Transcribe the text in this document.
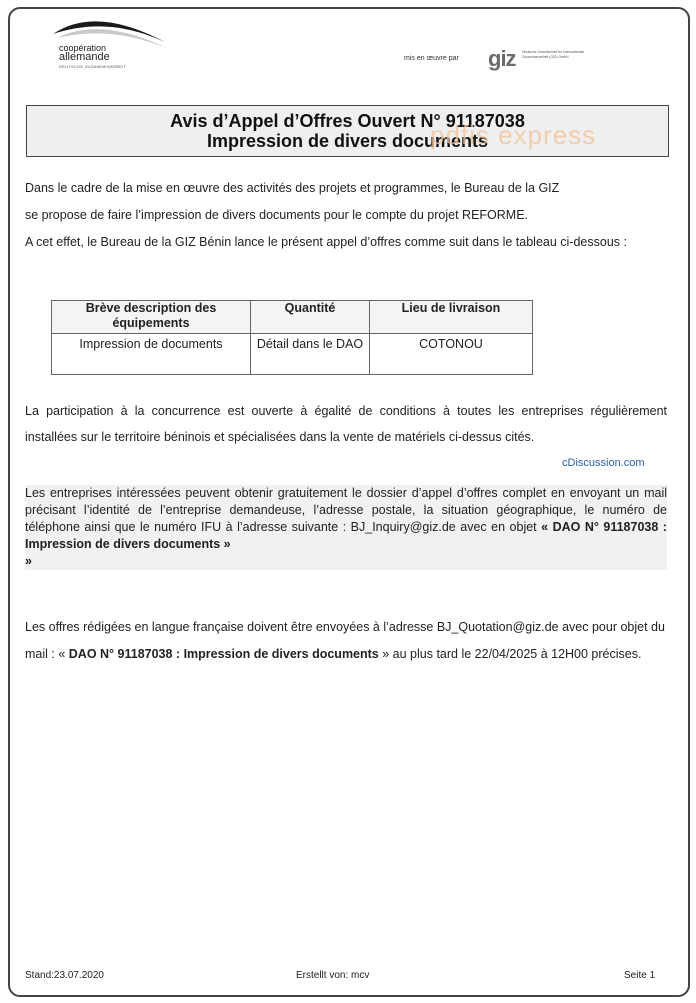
coopération
allemande
DEUTSCHE ZUSAMMENARBEIT
mis en œuvre par giz Deutsche Gesellschaft für Internationale Zusammenarbeit (GIZ) GmbH
Avis d’Appel d’Offres Ouvert N° 91187038
Impression de divers documents
pdfis express
Dans le cadre de la mise en œuvre des activités des projets et programmes, le Bureau de la GIZ
se propose de faire l’impression de divers documents pour le compte du projet REFORME.
A cet effet, le Bureau de la GIZ Bénin lance le présent appel d’offres comme suit dans le tableau ci-dessous :
Brève description des équipements	Quantité	Lieu de livraison
Impression de documents	Détail dans le DAO	COTONOU
La participation à la concurrence est ouverte à égalité de conditions à toutes les entreprises régulièrement installées sur le territoire béninois et spécialisées dans la vente de matériels ci-dessus cités.
cDiscussion.com
Les entreprises intéressées peuvent obtenir gratuitement le dossier d’appel d’offres complet en envoyant un mail précisant l’identité de l’entreprise demandeuse, l’adresse postale, la situation géographique, le numéro de téléphone ainsi que le numéro IFU à l’adresse suivante : BJ_Inquiry@giz.de avec en objet « DAO N° 91187038 : Impression de divers documents »
»
Les offres rédigées en langue française doivent être envoyées à l’adresse BJ_Quotation@giz.de avec pour objet du mail : « DAO N° 91187038 : Impression de divers documents » au plus tard le 22/04/2025 à 12H00 précises.
Stand:23.07.2020	Erstellt von: mcv	Seite 1
